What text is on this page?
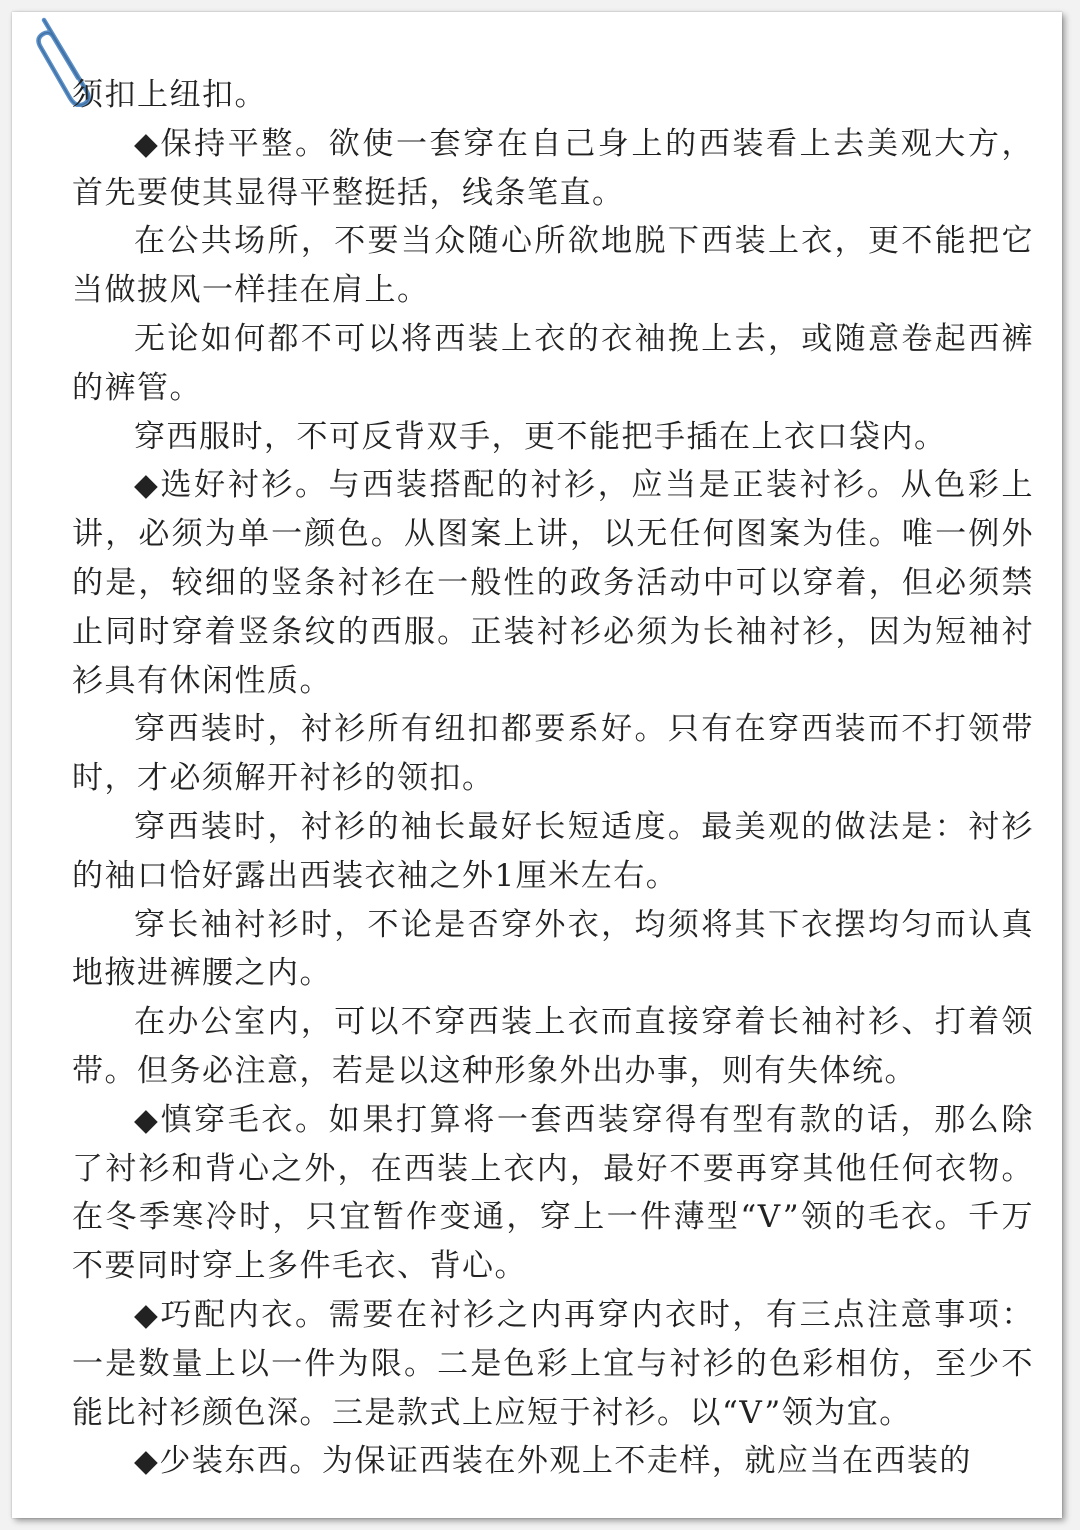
须扣上纽扣。

◆保持平整。欲使一套穿在自己身上的西装看上去美观大方，首先要使其显得平整挺括，线条笔直。

在公共场所，不要当众随心所欲地脱下西装上衣，更不能把它当做披风一样挂在肩上。

无论如何都不可以将西装上衣的衣袖挽上去，或随意卷起西裤的裤管。

穿西服时，不可反背双手，更不能把手插在上衣口袋内。

◆选好衬衫。与西装搭配的衬衫，应当是正装衬衫。从色彩上讲，必须为单一颜色。从图案上讲，以无任何图案为佳。唯一例外的是，较细的竖条衬衫在一般性的政务活动中可以穿着，但必须禁止同时穿着竖条纹的西服。正装衬衫必须为长袖衬衫，因为短袖衬衫具有休闲性质。

穿西装时，衬衫所有纽扣都要系好。只有在穿西装而不打领带时，才必须解开衬衫的领扣。

穿西装时，衬衫的袖长最好长短适度。最美观的做法是：衬衫的袖口恰好露出西装衣袖之外1厘米左右。

穿长袖衬衫时，不论是否穿外衣，均须将其下衣摆均匀而认真地掖进裤腰之内。

在办公室内，可以不穿西装上衣而直接穿着长袖衬衫、打着领带。但务必注意，若是以这种形象外出办事，则有失体统。

◆慎穿毛衣。如果打算将一套西装穿得有型有款的话，那么除了衬衫和背心之外，在西装上衣内，最好不要再穿其他任何衣物。在冬季寒冷时，只宜暂作变通，穿上一件薄型“V”领的毛衣。千万不要同时穿上多件毛衣、背心。

◆巧配内衣。需要在衬衫之内再穿内衣时，有三点注意事项：一是数量上以一件为限。二是色彩上宜与衬衫的色彩相仿，至少不能比衬衫颜色深。三是款式上应短于衬衫。以“V”领为宜。

◆少装东西。为保证西装在外观上不走样，就应当在西装的
